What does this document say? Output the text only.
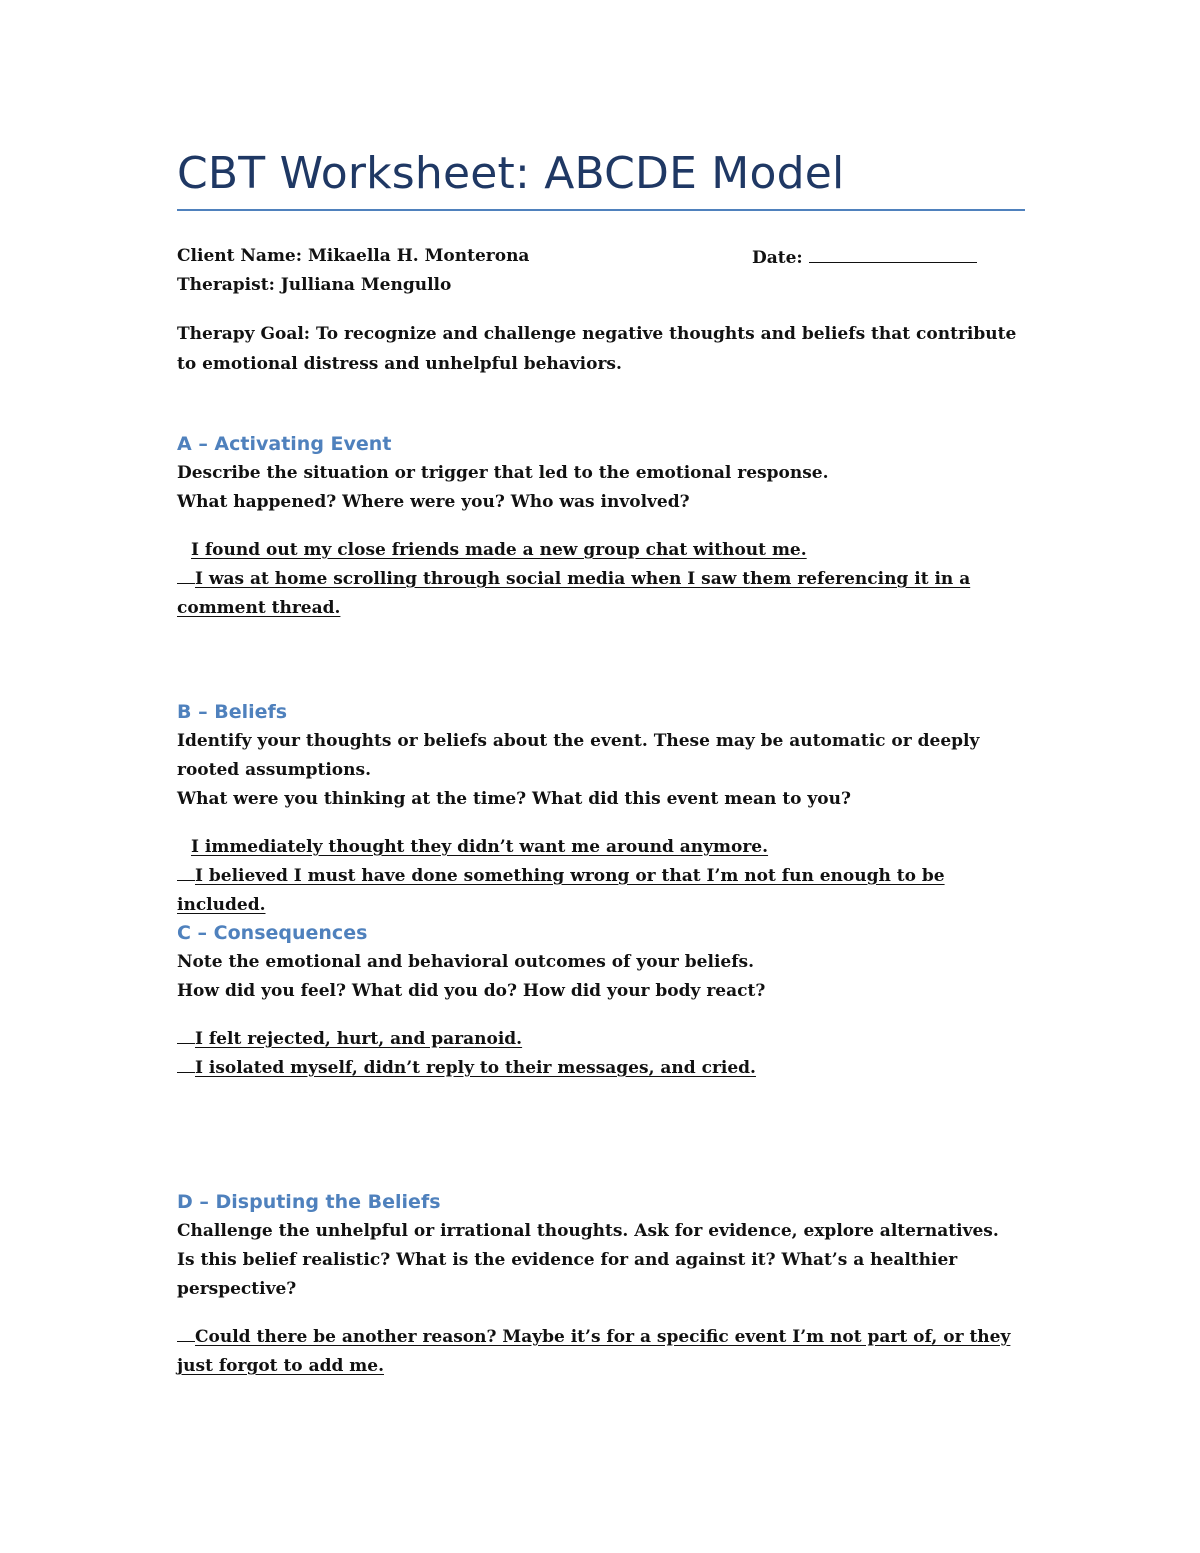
CBT Worksheet: ABCDE Model
Client Name: Mikaella H. Monterona	Date:
Therapist: Julliana Mengullo

Therapy Goal: To recognize and challenge negative thoughts and beliefs that contribute to emotional distress and unhelpful behaviors.

A – Activating Event

Describe the situation or trigger that led to the emotional response.

What happened? Where were you? Who was involved?

I found out my close friends made a new group chat without me.

I was at home scrolling through social media when I saw them referencing it in a comment thread.

B – Beliefs

Identify your thoughts or beliefs about the event. These may be automatic or deeply rooted assumptions.

What were you thinking at the time? What did this event mean to you?

I immediately thought they didn’t want me around anymore.

I believed I must have done something wrong or that I’m not fun enough to be included.

C – Consequences

Note the emotional and behavioral outcomes of your beliefs.

How did you feel? What did you do? How did your body react?

I felt rejected, hurt, and paranoid.

I isolated myself, didn’t reply to their messages, and cried.

D – Disputing the Beliefs

Challenge the unhelpful or irrational thoughts. Ask for evidence, explore alternatives.

Is this belief realistic? What is the evidence for and against it? What’s a healthier perspective?

Could there be another reason? Maybe it’s for a specific event I’m not part of, or they just forgot to add me.
